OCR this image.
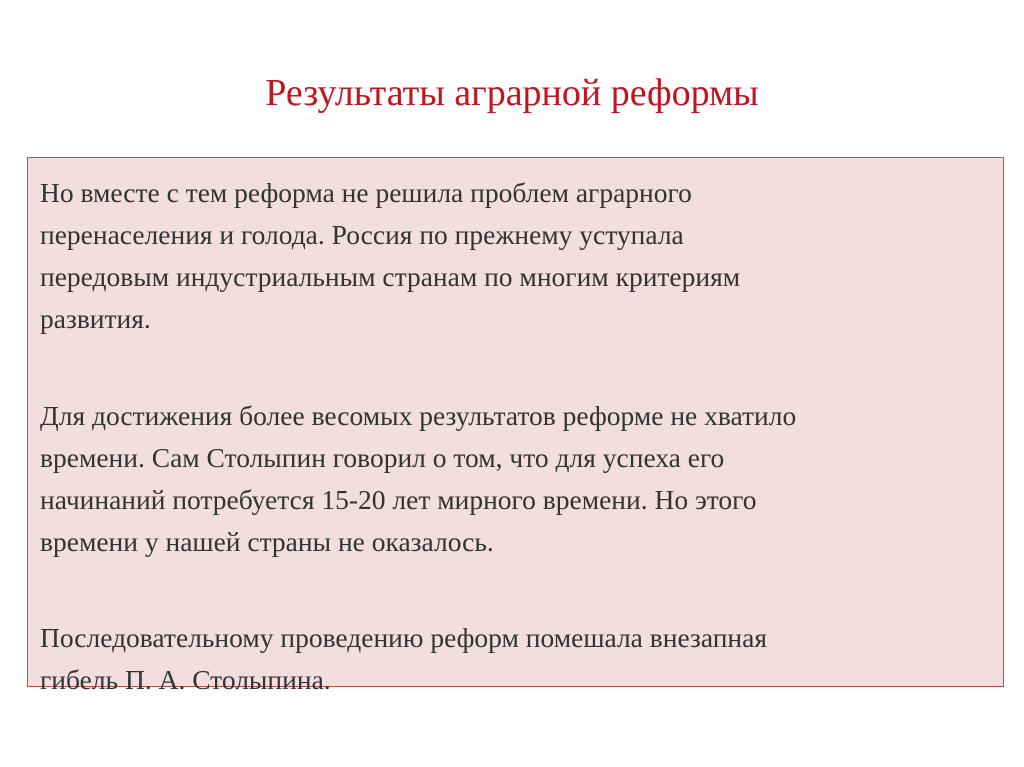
Результаты аграрной реформы

Но вместе с тем реформа не решила проблем аграрного
перенаселения и голода. Россия по прежнему уступала
передовым индустриальным странам по многим критериям
развития.

Для достижения более весомых результатов реформе не хватило
времени. Сам Столыпин говорил о том, что для успеха его
начинаний потребуется 15-20 лет мирного времени. Но этого
времени у нашей страны не оказалось.

Последовательному проведению реформ помешала внезапная
гибель П. А. Столыпина.
